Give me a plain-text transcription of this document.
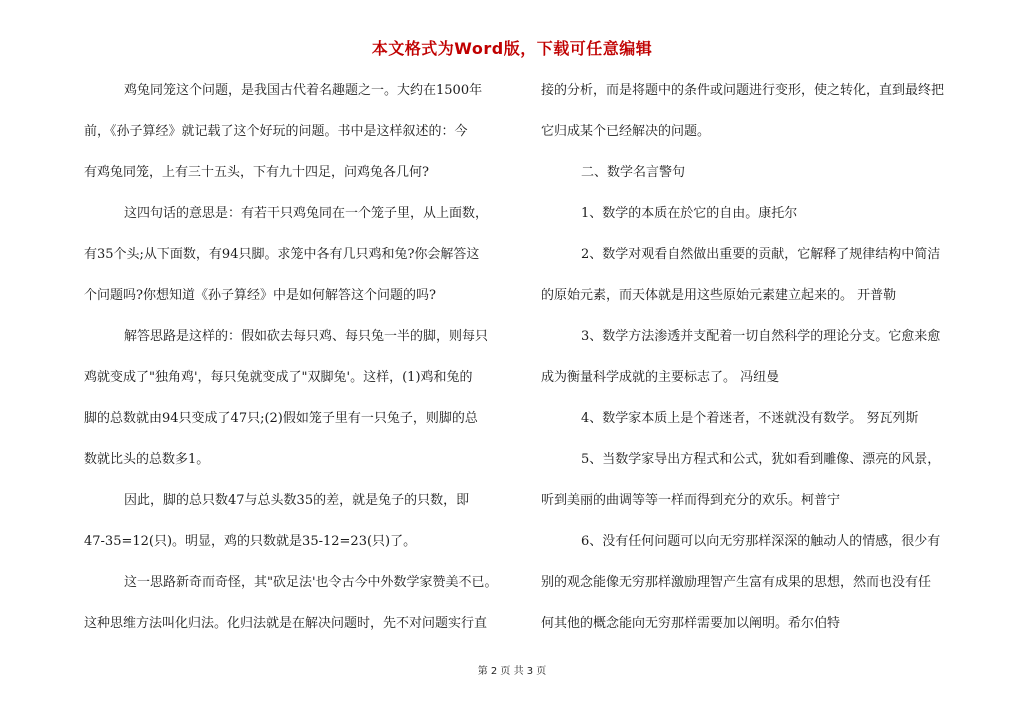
本文格式为Word版，下载可任意编辑
鸡兔同笼这个问题，是我国古代着名趣题之一。大约在1500年
前，《孙子算经》就记载了这个好玩的问题。书中是这样叙述的：今
有鸡兔同笼，上有三十五头，下有九十四足，问鸡兔各几何?
这四句话的意思是：有若干只鸡兔同在一个笼子里，从上面数，
有35个头;从下面数，有94只脚。求笼中各有几只鸡和兔?你会解答这
个问题吗?你想知道《孙子算经》中是如何解答这个问题的吗?
解答思路是这样的：假如砍去每只鸡、每只兔一半的脚，则每只
鸡就变成了"独角鸡'，每只兔就变成了"双脚兔'。这样，(1)鸡和兔的
脚的总数就由94只变成了47只;(2)假如笼子里有一只兔子，则脚的总
数就比头的总数多1。
因此，脚的总只数47与总头数35的差，就是兔子的只数，即
47-35=12(只)。明显，鸡的只数就是35-12=23(只)了。
这一思路新奇而奇怪，其"砍足法'也令古今中外数学家赞美不已。
这种思维方法叫化归法。化归法就是在解决问题时，先不对问题实行直
接的分析，而是将题中的条件或问题进行变形，使之转化，直到最终把
它归成某个已经解决的问题。
二、数学名言警句
1、数学的本质在於它的自由。康托尔
2、数学对观看自然做出重要的贡献，它解释了规律结构中简洁
的原始元素，而天体就是用这些原始元素建立起来的。 开普勒
3、数学方法渗透并支配着一切自然科学的理论分支。它愈来愈
成为衡量科学成就的主要标志了。 冯纽曼
4、数学家本质上是个着迷者，不迷就没有数学。 努瓦列斯
5、当数学家导出方程式和公式，犹如看到雕像、漂亮的风景，
听到美丽的曲调等等一样而得到充分的欢乐。柯普宁
6、没有任何问题可以向无穷那样深深的触动人的情感，很少有
别的观念能像无穷那样激励理智产生富有成果的思想，然而也没有任
何其他的概念能向无穷那样需要加以阐明。希尔伯特
第 2 页 共 3 页
